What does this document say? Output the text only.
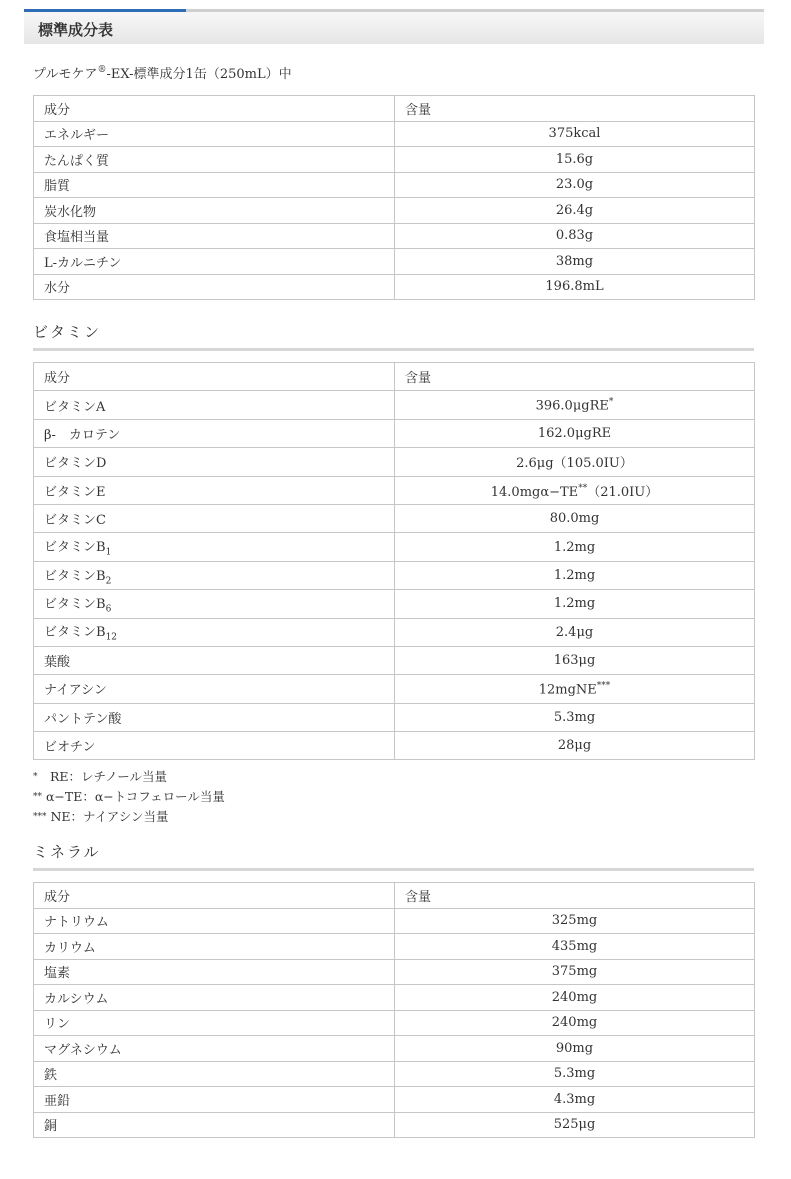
標準成分表
プルモケア®-EX-標準成分1缶（250mL）中
成分	含量
エネルギー	375kcal
たんぱく質	15.6g
脂質	23.0g
炭水化物	26.4g
食塩相当量	0.83g
L-カルニチン	38mg
水分	196.8mL
ビタミン
成分	含量
ビタミンA	396.0μgRE*
β-　カロテン	162.0μgRE
ビタミンD	2.6μg（105.0IU）
ビタミンE	14.0mgα−TE**（21.0IU）
ビタミンC	80.0mg
ビタミン$B_1$	1.2mg
ビタミン$B_2$	1.2mg
ビタミン$B_6$	1.2mg
ビタミン$B_{12}$	2.4μg
葉酸	163μg
ナイアシン	12mgNE***
パントテン酸	5.3mg
ビオチン	28μg
*　RE：レチノール当量
** α−TE：α−トコフェロール当量
*** NE：ナイアシン当量
ミネラル
成分	含量
ナトリウム	325mg
カリウム	435mg
塩素	375mg
カルシウム	240mg
リン	240mg
マグネシウム	90mg
鉄	5.3mg
亜鉛	4.3mg
銅	525μg
